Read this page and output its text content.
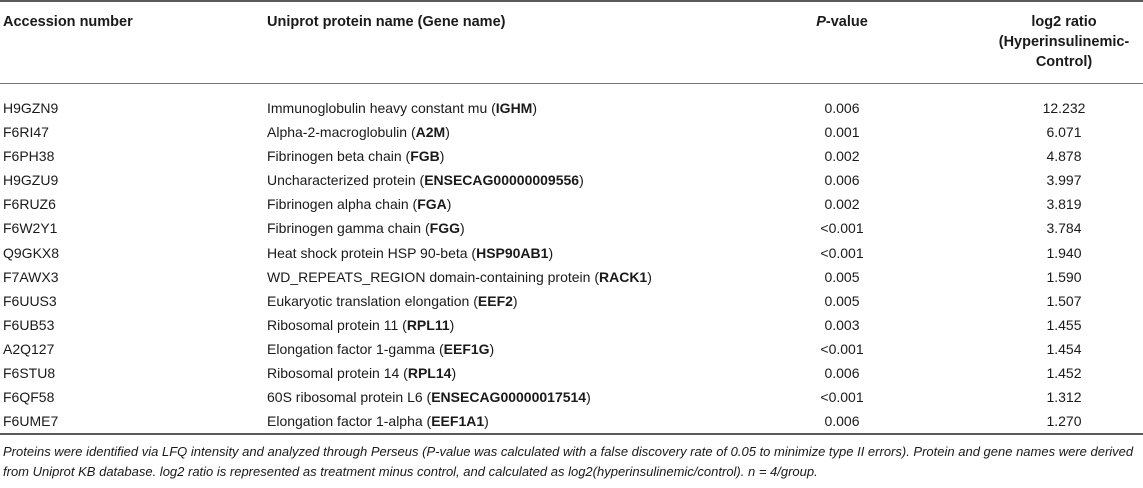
Accession number	Uniprot protein name (Gene name)	P-value	log2 ratio
(Hyperinsulinemic-
Control)
H9GZN9	Immunoglobulin heavy constant mu (IGHM)	0.006	12.232
F6RI47	Alpha-2-macroglobulin (A2M)	0.001	6.071
F6PH38	Fibrinogen beta chain (FGB)	0.002	4.878
H9GZU9	Uncharacterized protein (ENSECAG00000009556)	0.006	3.997
F6RUZ6	Fibrinogen alpha chain (FGA)	0.002	3.819
F6W2Y1	Fibrinogen gamma chain (FGG)	<0.001	3.784
Q9GKX8	Heat shock protein HSP 90-beta (HSP90AB1)	<0.001	1.940
F7AWX3	WD_REPEATS_REGION domain-containing protein (RACK1)	0.005	1.590
F6UUS3	Eukaryotic translation elongation (EEF2)	0.005	1.507
F6UB53	Ribosomal protein 11 (RPL11)	0.003	1.455
A2Q127	Elongation factor 1-gamma (EEF1G)	<0.001	1.454
F6STU8	Ribosomal protein 14 (RPL14)	0.006	1.452
F6QF58	60S ribosomal protein L6 (ENSECAG00000017514)	<0.001	1.312
F6UME7	Elongation factor 1-alpha (EEF1A1)	0.006	1.270
Proteins were identified via LFQ intensity and analyzed through Perseus (P-value was calculated with a false discovery rate of 0.05 to minimize type II errors). Protein and gene names were derived from Uniprot KB database. log2 ratio is represented as treatment minus control, and calculated as log2(hyperinsulinemic/control). n = 4/group.
